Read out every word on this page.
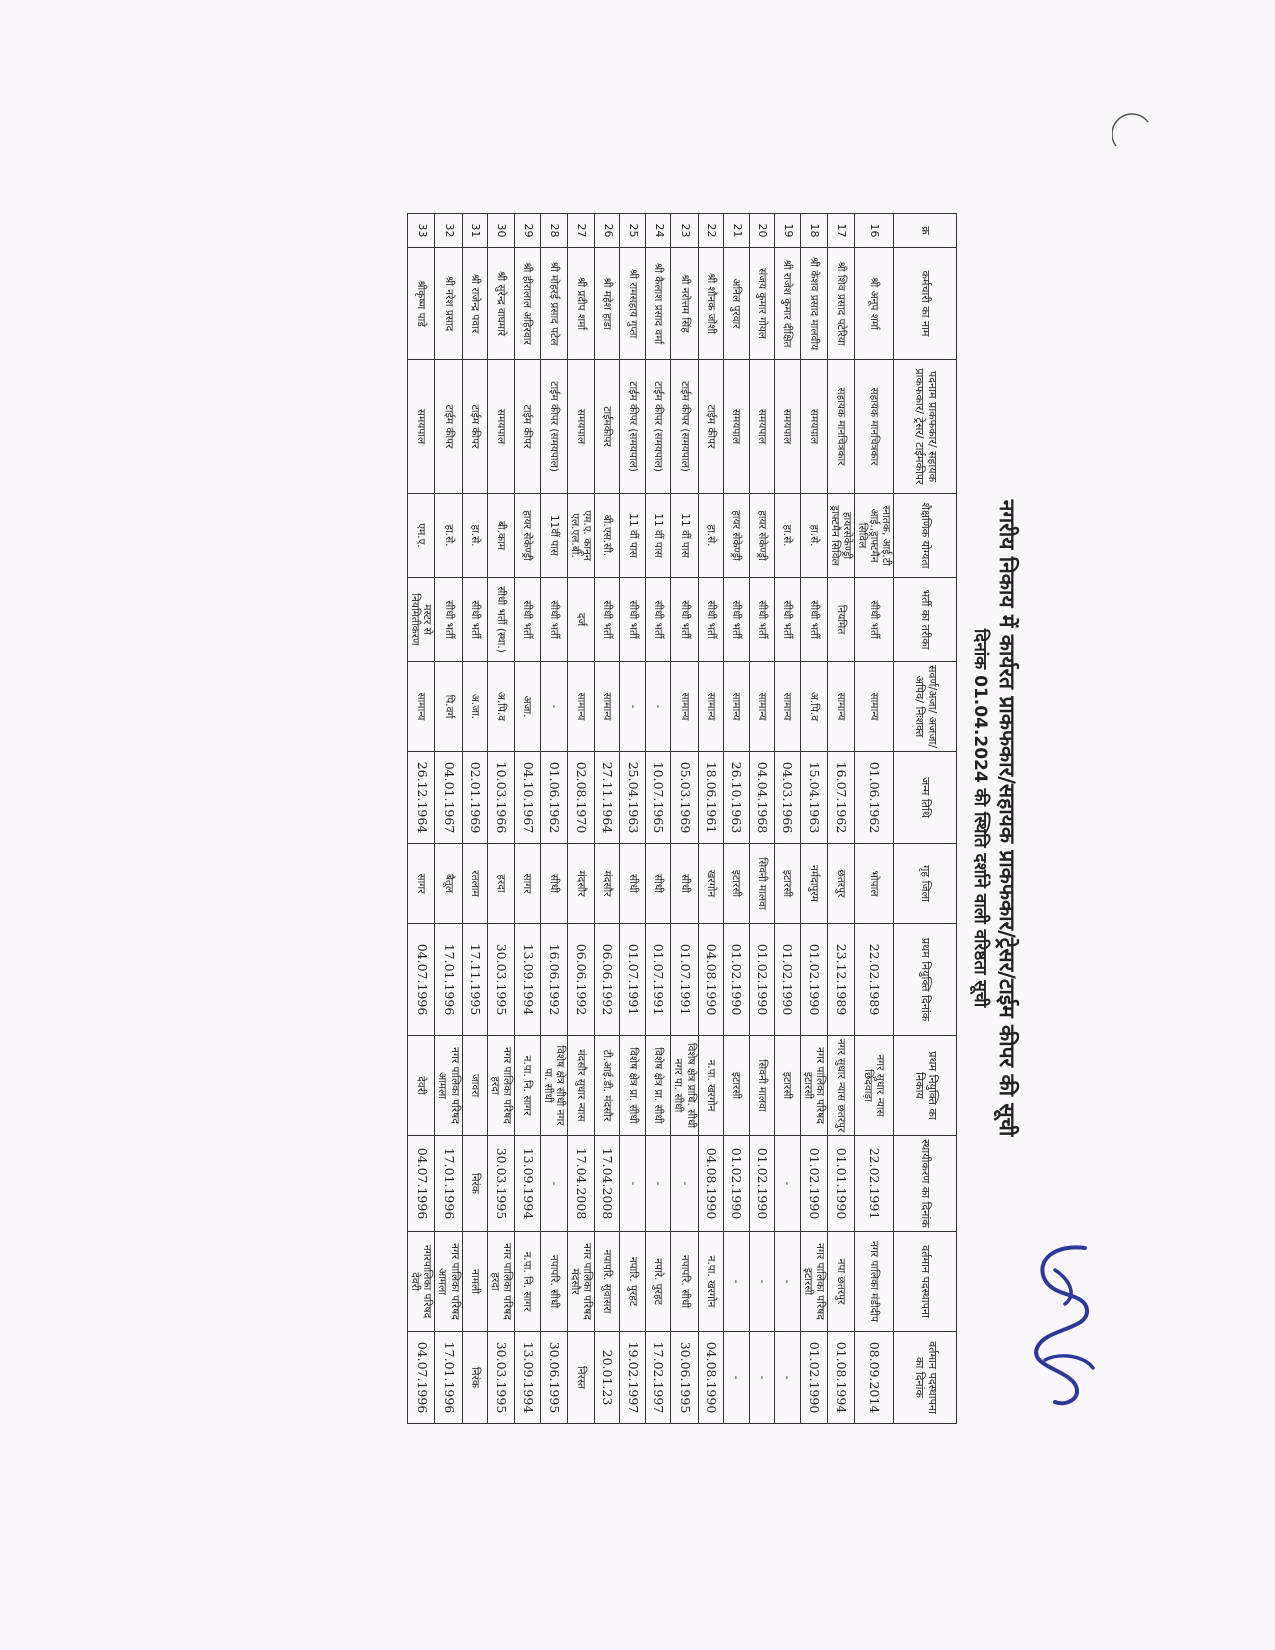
नगरीय निकाय में कार्यरत प्राकफकार/सहायक प्राकफकार/ट्रेसर/टाईम कीपर की सूची
दिनांक 01.04.2024 की स्थिति दर्शाने वाली वरिष्ठता सूची
क्र	कर्मचारी का नाम	पदनाम प्राकफकार/ सहायक प्राकफकार/ ट्रेसर/ टाईमकीपर	शैक्षणिक योग्यता	भर्ती का तरीका	सवर्ण/अजा/ अजजा/अपिव/ निःशक्त	जन्म तिथि	गृह जिला	प्रथम नियुक्ति दिनांक	प्रथम नियुक्ति का निकाय	स्थायीकरण का दिनांक	वर्तमान पदस्थापना	वर्तमान पदस्थापना का दिनांक
16	श्री अनूप शर्मा	सहायक मानचित्रकार	स्नातक, आई.टी आई.,ड्राफ्टमैन सिविल	सीधी भर्ती	सामान्य	01.06.1962	भोपाल	22.02.1989	नगर सुधार न्यास छिंदवाड़ा	22.02.1991	नगर पालिका मंडीदीप	08.09.2014
17	श्री शिव प्रसाद पटेरिया	सहायक मानचित्रकार	हायरसेकेण्ड्री ड्राफ्टमैन सिविल	नियमित	सामान्य	16.07.1962	छतरपुर	23.12.1989	नगर सुधार न्यास छतरपुर	01.01.1990	नपा छतरपुर	01.08.1994
18	श्री केशव प्रसाद मालवीय	समयपाल	हा.से.	सीधी भर्ती	अ.पि.व	15.04.1963	नर्मदापुरम	01.02.1990	नगर पालिका परिषद इटारसी	01.02.1990	नगर पालिका परिषद इटारसी	01.02.1990
19	श्री राजेश कुमार दीक्षित	समयपाल	हा.से.	सीधी भर्ती	सामान्य	04.03.1966	इटारसी	01.02.1990	इटारसी	-	-	-
20	संजय कुमार गोयल	समयपाल	हायर सेकेण्ड्री	सीधी भर्ती	सामान्य	04.04.1968	सिवनी मालवा	01.02.1990	सिवनी मालवा	01.02.1990	-	-
21	अनिल पुरवार	समयपाल	हायर सेकेण्ड्री	सीधी भर्ती	सामान्य	26.10.1963	इटारसी	01.02.1990	इटारसी	01.02.1990	-	-
22	श्री शौनक जोशी	टाईम कीपर	हा.से.	सीधी भर्ती	सामान्य	18.06.1961	खरगोन	04.08.1990	न.पा. खरगोन	04.08.1990	न.पा. खरगोन	04.08.1990
23	श्री नरोत्तम सिंह	टाईम कीपर (समयपाल)	11 वीं पास	सीधी भर्ती	सामान्य	05.03.1969	सीधी	01.07.1991	विशेष क्षेत्र प्राधि. सीधी नगर पा. सीधी	-	नपापरि. सीधी	30.06.1995
24	श्री कैलाश प्रसाद वर्मा	टाईम कीपर (समयपाल)	11 वीं पास	सीधी भर्ती	-	10.07.1965	सीधी	01.07.1991	विशेष क्षेत्र प्रा. सीधी	-	नपारे. पुरहट	17.02.1997
25	श्री रामसहाय गुप्ता	टाईम कीपर (समयपाल)	11 वीं पास	सीधी भर्ती	-	25.04.1963	सीधी	01.07.1991	विशेष क्षेत्र प्रा. सीधी	-	नपारि. पुरहट	19.02.1997
26	श्री महेश हाडा	टाईमकीपर	बी.एस.सी.	सीधी भर्ती	सामान्य	27.11.1964	मंदसौर	06.06.1992	टी.आई.डी. मंदसौर	17.04.2008	नपापरि. सुवासरा	20.01.23
27	श्री प्रदीप शर्मा	समयपाल	एम.ए. कानून एल.एल.बी.	दर्ज	सामान्य	02.08.1970	मंदसौर	06.06.1992	मंदसौर सुधार न्यास	17.04.2008	नगर पालिका परिषद मंदसौर	निरस्त
28	श्री मोहरई प्रसाद पटेल	टाईम कीपर (समयपाल)	11वीं पास	सीधी भर्ती	-	01.06.1962	सीधी	16.06.1992	विशेष क्षेत्र सीधी नगर पा. सीधी	-	नपापरि. सीधी	30.06.1995
29	श्री हीरालाल अहिरवार	टाईम कीपर	हायर सेकेण्ड्री	सीधी भर्ती	अजा.	04.10.1967	सागर	13.09.1994	न.पा. नि. सागर	13.09.1994	न.पा. नि. सागर	13.09.1994
30	श्री सुरेन्द्र वाघमारे	समयपाल	बी.काम	सीधी भर्ती (स्था.)	अ.पि.व	10.03.1966	हरदा	30.03.1995	नगर पालिका परिषद हरदा	30.03.1995	नगर पालिका परिषद हरदा	30.03.1995
31	श्री राजेन्द्र पवार	टाईम कीपर	हा.से.	सीधी भर्ती	अ.जा.	02.01.1969	रतलाम	17.11.1995	जावरा	निरंक	नामली	निरंक
32	श्री नरेश प्रसाद	टाईम कीपर	हा.से.	सीधी भर्ती	पि.वर्ग	04.01.1967	बैतूल	17.01.1996	नगर पालिका परिषद आमला	17.01.1996	नगर पालिका परिषद आमला	17.01.1996
33	श्रीकृष्ण पाडे	समयपाल	एम.ए.	मस्टर से नियमितीकरण	सामान्य	26.12.1964	सागर	04.07.1996	देवरी	04.07.1996	नगरपालिका परिषद देवरी	04.07.1996
